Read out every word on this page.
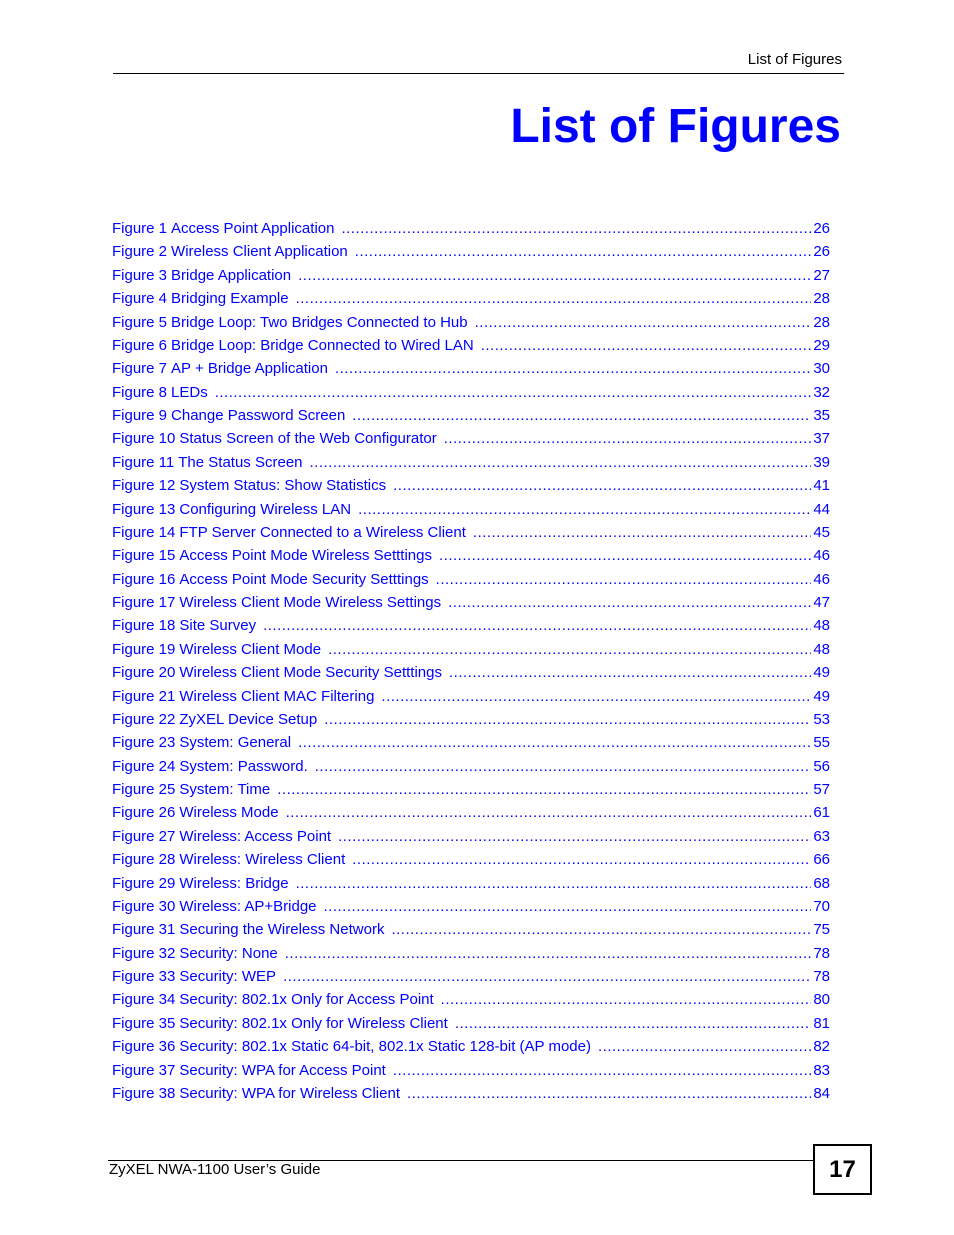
List of Figures
List of Figures
Figure 1 Access Point Application .....	26
Figure 2 Wireless Client Application .....	26
Figure 3 Bridge Application .....	27
Figure 4 Bridging Example .....	28
Figure 5 Bridge Loop: Two Bridges Connected to Hub .....	28
Figure 6 Bridge Loop: Bridge Connected to Wired LAN .....	29
Figure 7 AP + Bridge Application .....	30
Figure 8 LEDs .....	32
Figure 9 Change Password Screen .....	35
Figure 10 Status Screen of the Web Configurator .....	37
Figure 11 The Status Screen .....	39
Figure 12 System Status: Show Statistics .....	41
Figure 13 Configuring Wireless LAN .....	44
Figure 14 FTP Server Connected to a Wireless Client .....	45
Figure 15 Access Point Mode Wireless Setttings .....	46
Figure 16 Access Point Mode Security Setttings .....	46
Figure 17 Wireless Client Mode Wireless Settings .....	47
Figure 18 Site Survey .....	48
Figure 19 Wireless Client Mode .....	48
Figure 20 Wireless Client Mode Security Setttings .....	49
Figure 21 Wireless Client MAC Filtering .....	49
Figure 22 ZyXEL Device Setup .....	53
Figure 23 System: General .....	55
Figure 24 System: Password. .....	56
Figure 25 System: Time .....	57
Figure 26 Wireless Mode .....	61
Figure 27 Wireless: Access Point .....	63
Figure 28 Wireless: Wireless Client .....	66
Figure 29 Wireless: Bridge .....	68
Figure 30 Wireless: AP+Bridge .....	70
Figure 31 Securing the Wireless Network .....	75
Figure 32 Security: None .....	78
Figure 33 Security: WEP .....	78
Figure 34 Security: 802.1x Only for Access Point .....	80
Figure 35 Security: 802.1x Only for Wireless Client .....	81
Figure 36 Security: 802.1x Static 64-bit, 802.1x Static 128-bit (AP mode) .....	82
Figure 37 Security: WPA for Access Point .....	83
Figure 38 Security: WPA for Wireless Client .....	84
ZyXEL NWA-1100 User’s Guide	17
